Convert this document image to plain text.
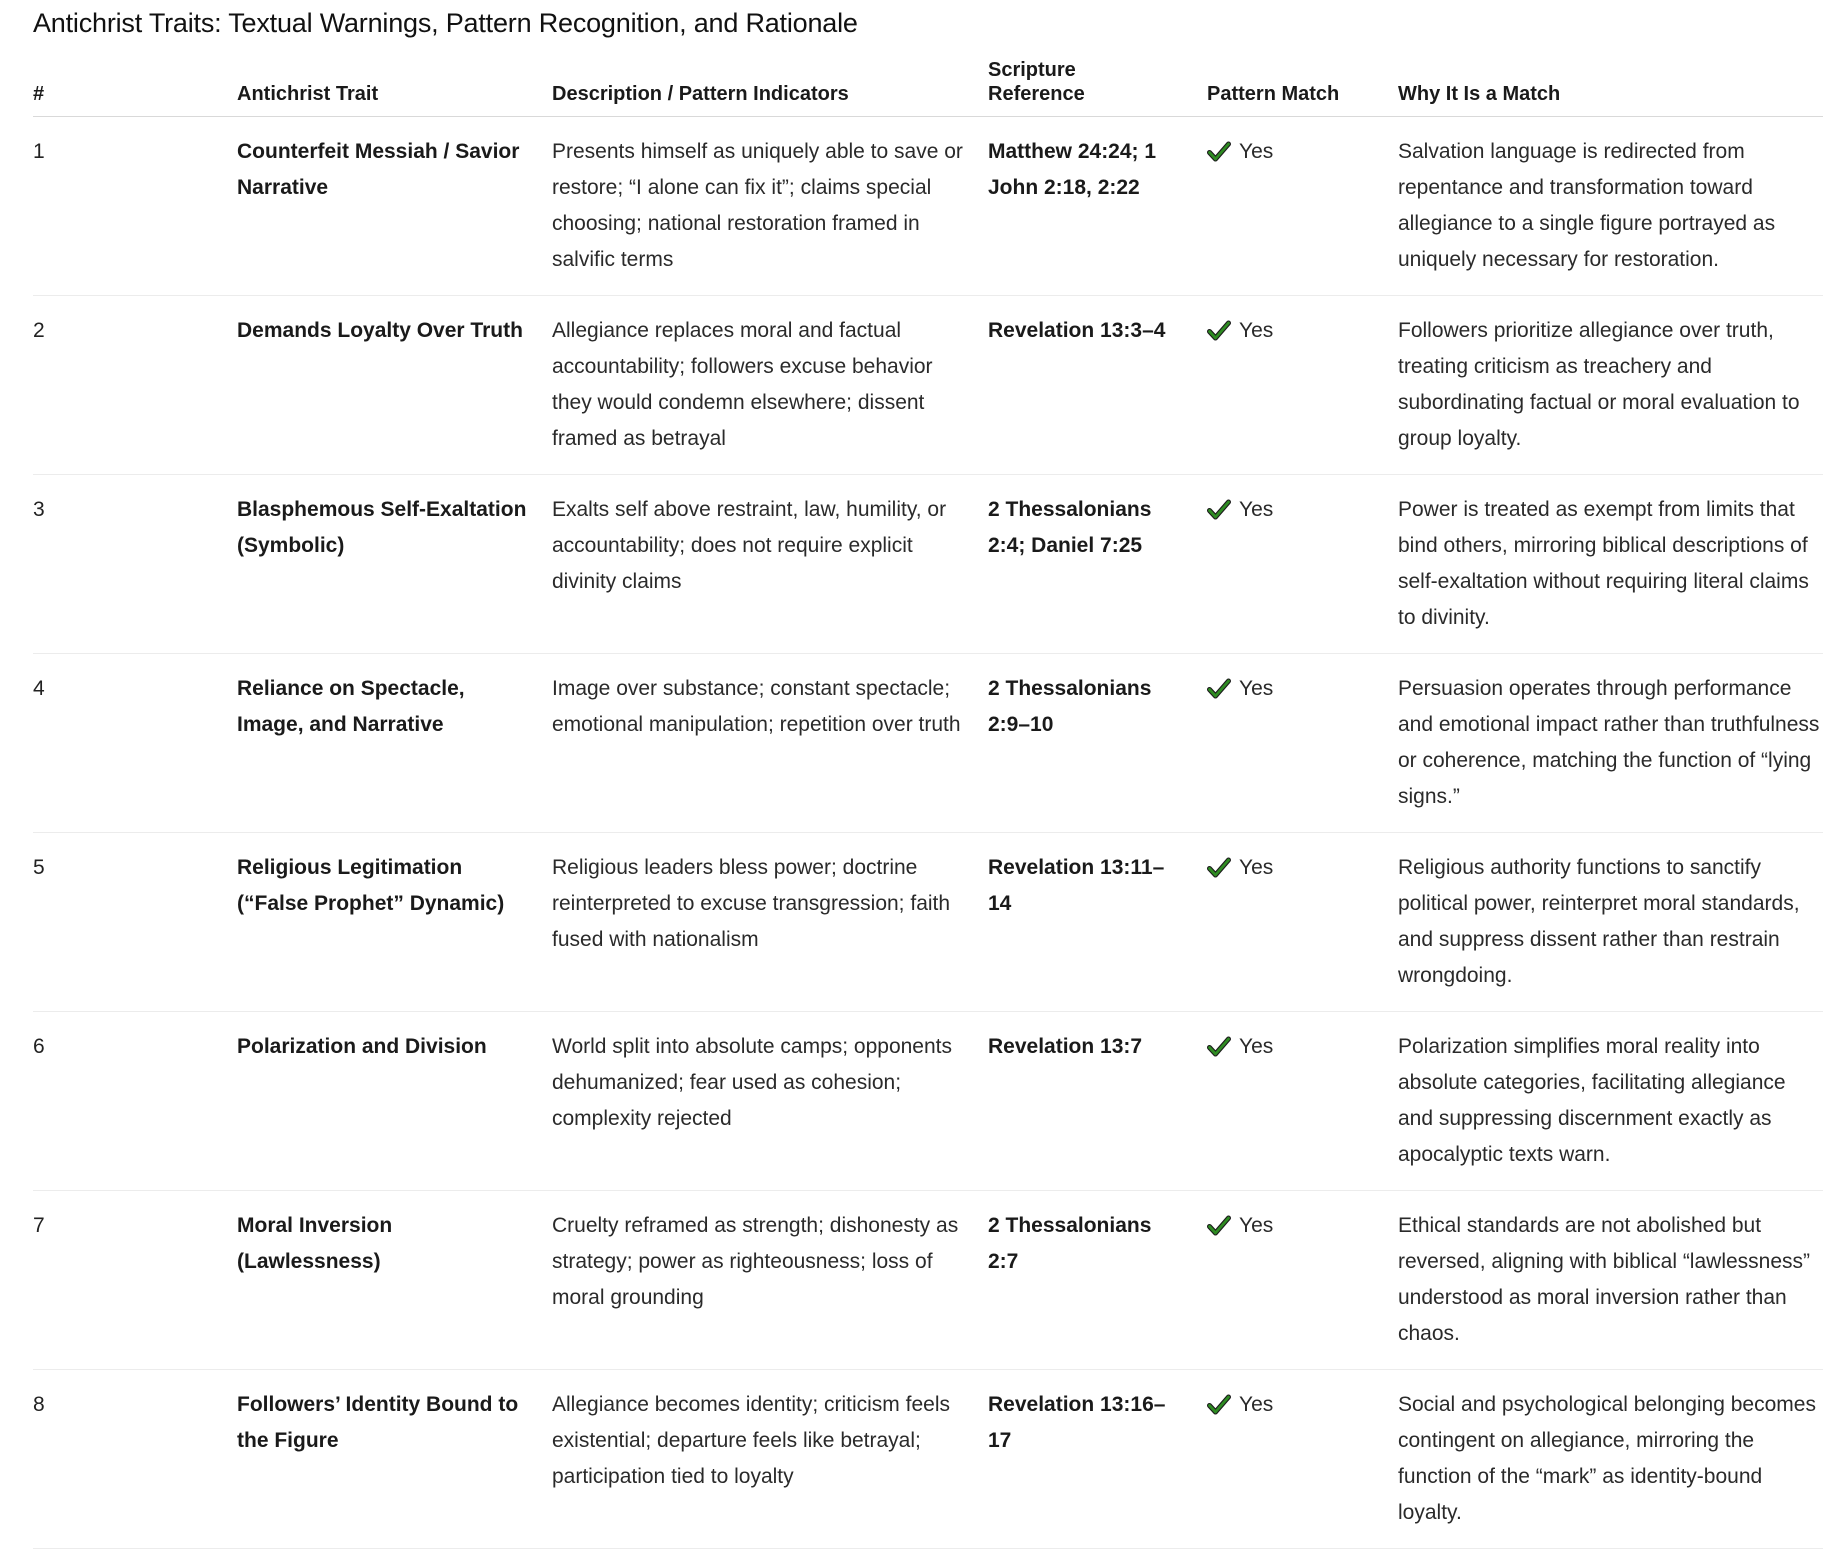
Antichrist Traits: Textual Warnings, Pattern Recognition, and Rationale
#	Antichrist Trait	Description / Pattern Indicators	Scripture Reference	Pattern Match	Why It Is a Match
1	Counterfeit Messiah / Savior Narrative	Presents himself as uniquely able to save or restore; “I alone can fix it”; claims special choosing; national restoration framed in salvific terms	Matthew 24:24; 1 John 2:18, 2:22	Yes	Salvation language is redirected from repentance and transformation toward allegiance to a single figure portrayed as uniquely necessary for restoration.
2	Demands Loyalty Over Truth	Allegiance replaces moral and factual accountability; followers excuse behavior they would condemn elsewhere; dissent framed as betrayal	Revelation 13:3–4	Yes	Followers prioritize allegiance over truth, treating criticism as treachery and subordinating factual or moral evaluation to group loyalty.
3	Blasphemous Self-Exaltation (Symbolic)	Exalts self above restraint, law, humility, or accountability; does not require explicit divinity claims	2 Thessalonians 2:4; Daniel 7:25	Yes	Power is treated as exempt from limits that bind others, mirroring biblical descriptions of self-exaltation without requiring literal claims to divinity.
4	Reliance on Spectacle, Image, and Narrative	Image over substance; constant spectacle; emotional manipulation; repetition over truth	2 Thessalonians 2:9–10	Yes	Persuasion operates through performance and emotional impact rather than truthfulness or coherence, matching the function of “lying signs.”
5	Religious Legitimation (“False Prophet” Dynamic)	Religious leaders bless power; doctrine reinterpreted to excuse transgression; faith fused with nationalism	Revelation 13:11–14	Yes	Religious authority functions to sanctify political power, reinterpret moral standards, and suppress dissent rather than restrain wrongdoing.
6	Polarization and Division	World split into absolute camps; opponents dehumanized; fear used as cohesion; complexity rejected	Revelation 13:7	Yes	Polarization simplifies moral reality into absolute categories, facilitating allegiance and suppressing discernment exactly as apocalyptic texts warn.
7	Moral Inversion (Lawlessness)	Cruelty reframed as strength; dishonesty as strategy; power as righteousness; loss of moral grounding	2 Thessalonians 2:7	Yes	Ethical standards are not abolished but reversed, aligning with biblical “lawlessness” understood as moral inversion rather than chaos.
8	Followers’ Identity Bound to the Figure	Allegiance becomes identity; criticism feels existential; departure feels like betrayal; participation tied to loyalty	Revelation 13:16–17	Yes	Social and psychological belonging becomes contingent on allegiance, mirroring the function of the “mark” as identity-bound loyalty.
